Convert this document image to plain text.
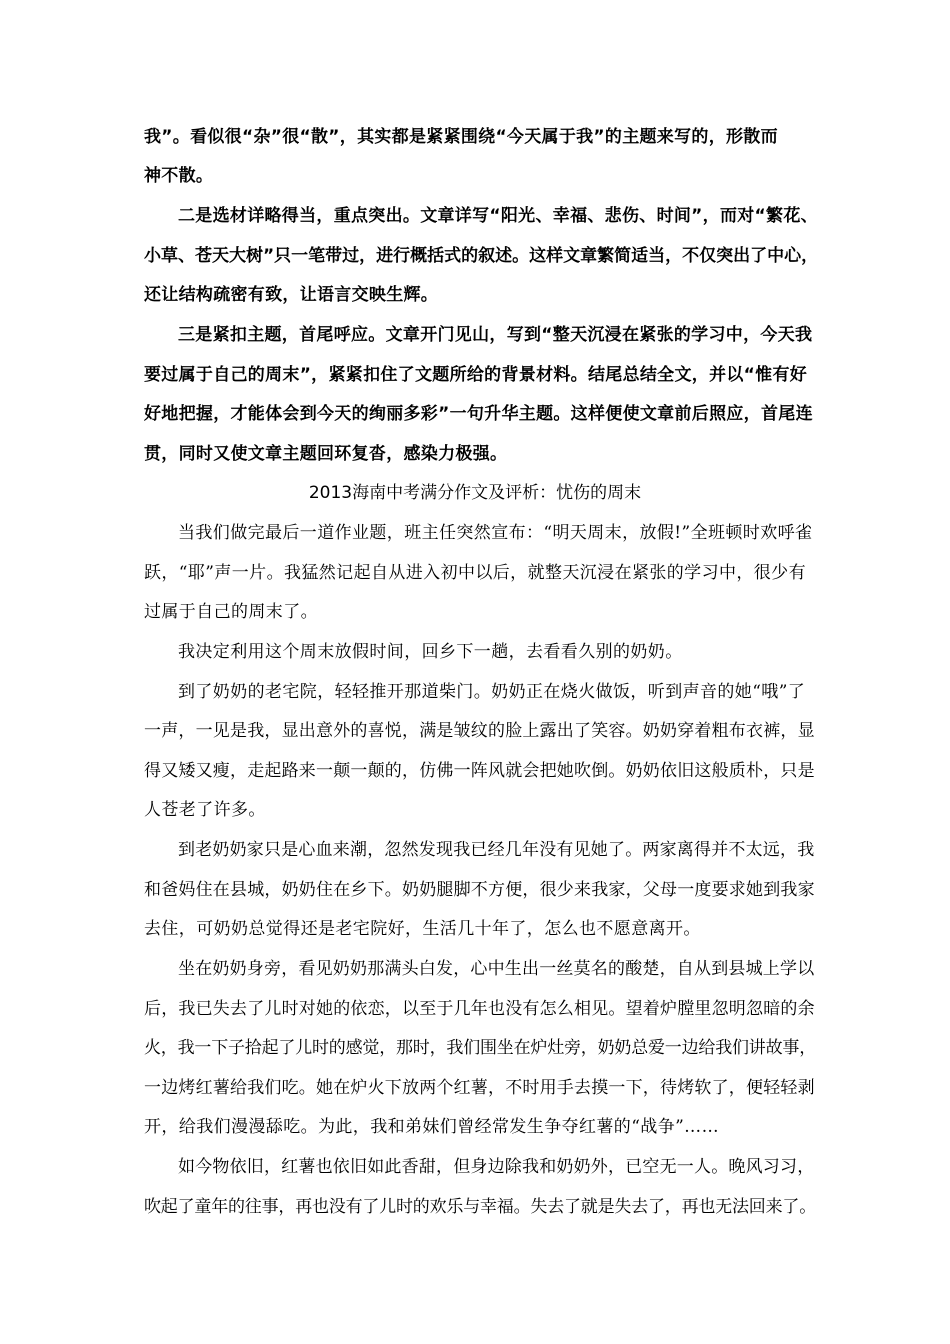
我”。看似很“杂”很“散”，其实都是紧紧围绕“今天属于我”的主题来写的，形散而
神不散。
二是选材详略得当，重点突出。文章详写“阳光、幸福、悲伤、时间”，而对“繁花、
小草、苍天大树”只一笔带过，进行概括式的叙述。这样文章繁简适当，不仅突出了中心，
还让结构疏密有致，让语言交映生辉。
三是紧扣主题，首尾呼应。文章开门见山，写到“整天沉浸在紧张的学习中，今天我
要过属于自己的周末”，紧紧扣住了文题所给的背景材料。结尾总结全文，并以“惟有好
好地把握，才能体会到今天的绚丽多彩”一句升华主题。这样便使文章前后照应，首尾连
贯，同时又使文章主题回环复沓，感染力极强。
2013海南中考满分作文及评析：忧伤的周末
当我们做完最后一道作业题，班主任突然宣布：“明天周末，放假!”全班顿时欢呼雀
跃，“耶”声一片。我猛然记起自从进入初中以后，就整天沉浸在紧张的学习中，很少有
过属于自己的周末了。
我决定利用这个周末放假时间，回乡下一趟，去看看久别的奶奶。
到了奶奶的老宅院，轻轻推开那道柴门。奶奶正在烧火做饭，听到声音的她“哦”了
一声，一见是我，显出意外的喜悦，满是皱纹的脸上露出了笑容。奶奶穿着粗布衣裤，显
得又矮又瘦，走起路来一颠一颠的，仿佛一阵风就会把她吹倒。奶奶依旧这般质朴，只是
人苍老了许多。
到老奶奶家只是心血来潮，忽然发现我已经几年没有见她了。两家离得并不太远，我
和爸妈住在县城，奶奶住在乡下。奶奶腿脚不方便，很少来我家，父母一度要求她到我家
去住，可奶奶总觉得还是老宅院好，生活几十年了，怎么也不愿意离开。
坐在奶奶身旁，看见奶奶那满头白发，心中生出一丝莫名的酸楚，自从到县城上学以
后，我已失去了儿时对她的依恋，以至于几年也没有怎么相见。望着炉膛里忽明忽暗的余
火，我一下子拾起了儿时的感觉，那时，我们围坐在炉灶旁，奶奶总爱一边给我们讲故事，
一边烤红薯给我们吃。她在炉火下放两个红薯，不时用手去摸一下，待烤软了，便轻轻剥
开，给我们漫漫舔吃。为此，我和弟妹们曾经常发生争夺红薯的“战争”……
如今物依旧，红薯也依旧如此香甜，但身边除我和奶奶外，已空无一人。晚风习习，
吹起了童年的往事，再也没有了儿时的欢乐与幸福。失去了就是失去了，再也无法回来了。
